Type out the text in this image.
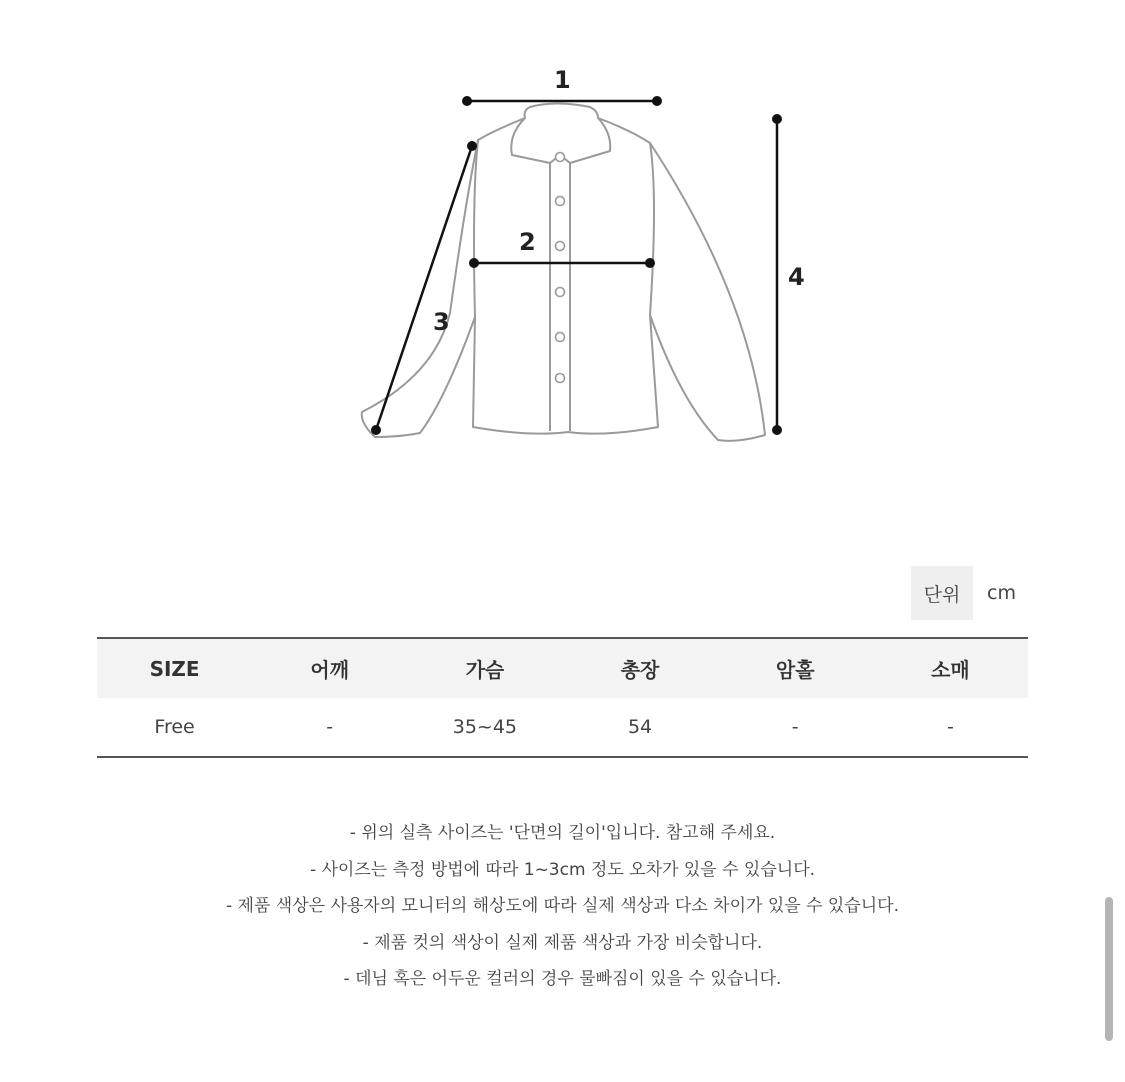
1
2
3
4
단위	cm
SIZE	어깨	가슴	총장	암홀	소매
Free	-	35~45	54	-	-
- 위의 실측 사이즈는 '단면의 길이'입니다. 참고해 주세요.
- 사이즈는 측정 방법에 따라 1~3cm 정도 오차가 있을 수 있습니다.
- 제품 색상은 사용자의 모니터의 해상도에 따라 실제 색상과 다소 차이가 있을 수 있습니다.
- 제품 컷의 색상이 실제 제품 색상과 가장 비슷합니다.
- 데님 혹은 어두운 컬러의 경우 물빠짐이 있을 수 있습니다.
